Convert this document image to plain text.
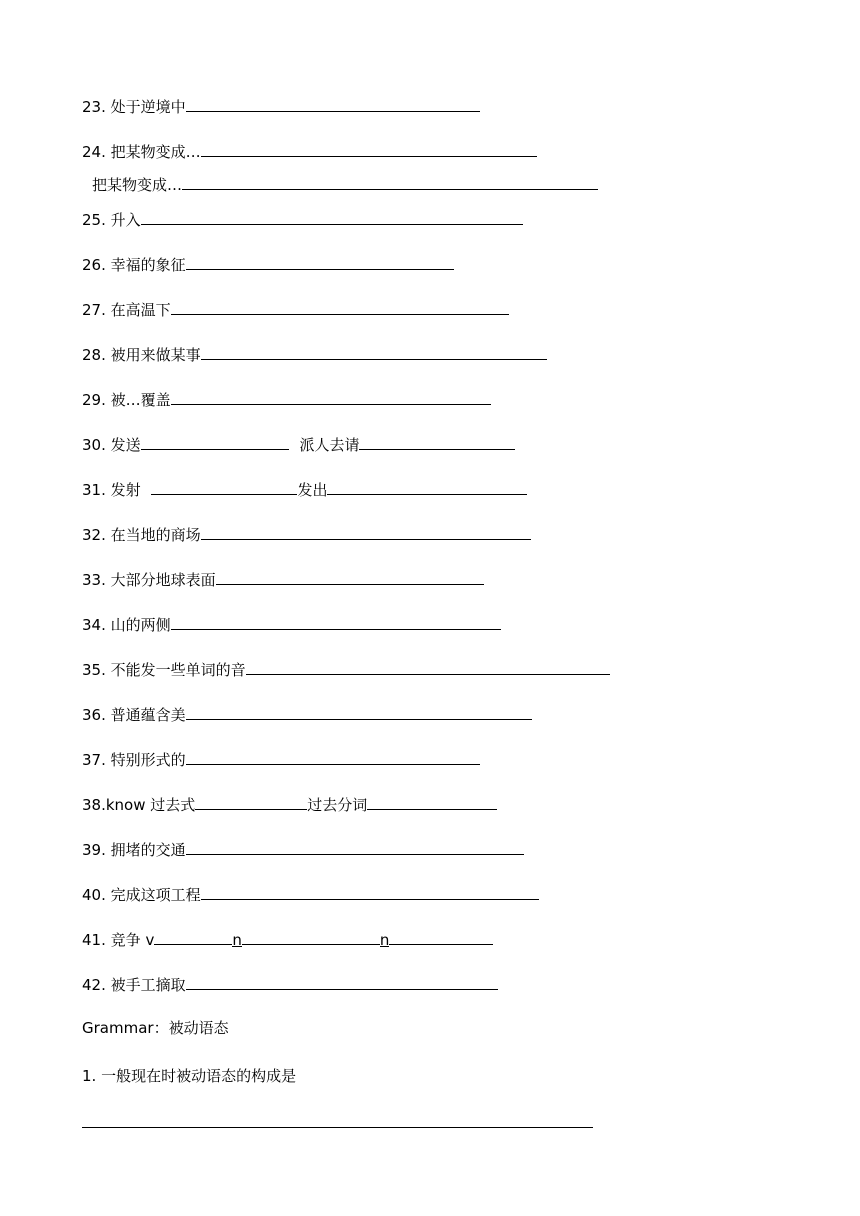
23. 处于逆境中
24. 把某物变成…
把某物变成…
25. 升入
26. 幸福的象征
27. 在高温下
28. 被用来做某事
29. 被…覆盖
30. 发送	派人去请
31. 发射	发出
32. 在当地的商场
33. 大部分地球表面
34. 山的两侧
35. 不能发一些单词的音
36. 普通蕴含美
37. 特别形式的
38.know 过去式	过去分词
39. 拥堵的交通
40. 完成这项工程
41. 竞争 v	n	n
42. 被手工摘取
Grammar：被动语态
1. 一般现在时被动语态的构成是
